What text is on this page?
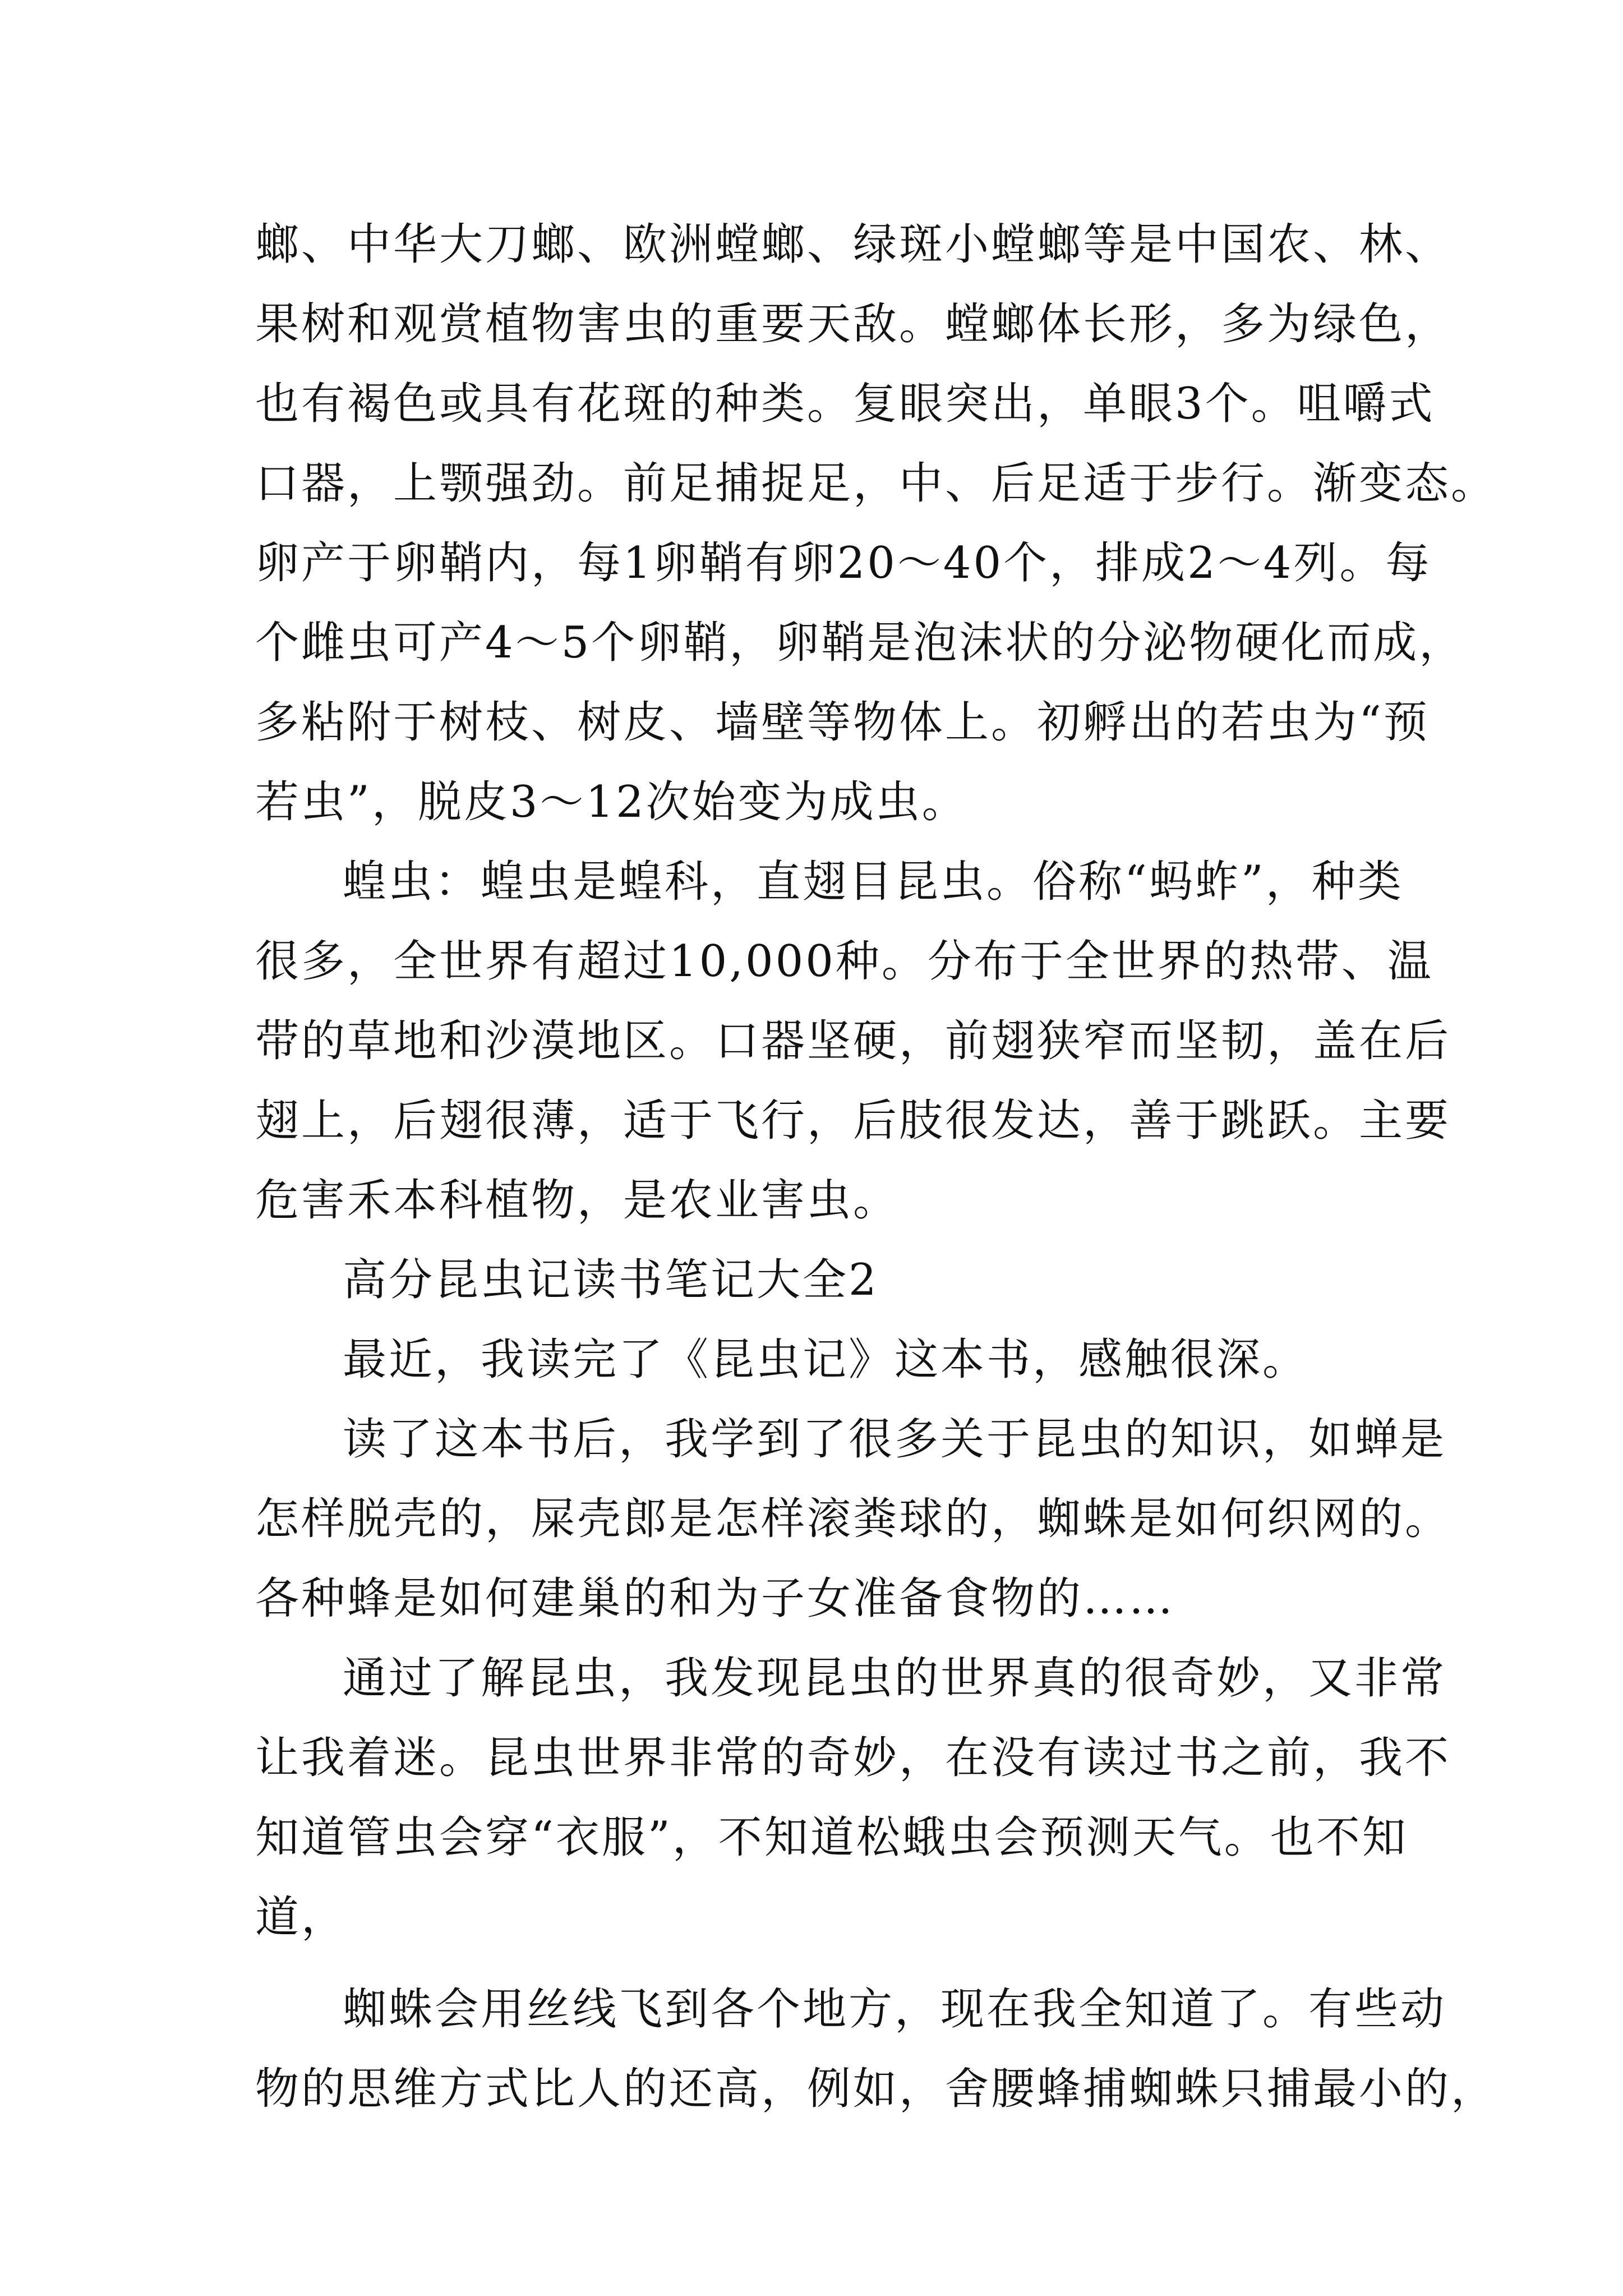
螂、中华大刀螂、欧洲螳螂、绿斑小螳螂等是中国农、林、
果树和观赏植物害虫的重要天敌。螳螂体长形，多为绿色，
也有褐色或具有花斑的种类。复眼突出，单眼3个。咀嚼式
口器，上颚强劲。前足捕捉足，中、后足适于步行。渐变态。
卵产于卵鞘内，每1卵鞘有卵20～40个，排成2～4列。每
个雌虫可产4～5个卵鞘，卵鞘是泡沫状的分泌物硬化而成，
多粘附于树枝、树皮、墙壁等物体上。初孵出的若虫为“预
若虫”，脱皮3～12次始变为成虫。
蝗虫：蝗虫是蝗科，直翅目昆虫。俗称“蚂蚱”，种类
很多，全世界有超过10,000种。分布于全世界的热带、温
带的草地和沙漠地区。口器坚硬，前翅狭窄而坚韧，盖在后
翅上，后翅很薄，适于飞行，后肢很发达，善于跳跃。主要
危害禾本科植物，是农业害虫。
高分昆虫记读书笔记大全2
最近，我读完了《昆虫记》这本书，感触很深。
读了这本书后，我学到了很多关于昆虫的知识，如蝉是
怎样脱壳的，屎壳郎是怎样滚粪球的，蜘蛛是如何织网的。
各种蜂是如何建巢的和为子女准备食物的……
通过了解昆虫，我发现昆虫的世界真的很奇妙，又非常
让我着迷。昆虫世界非常的奇妙，在没有读过书之前，我不
知道管虫会穿“衣服”，不知道松蛾虫会预测天气。也不知
道，
蜘蛛会用丝线飞到各个地方，现在我全知道了。有些动
物的思维方式比人的还高，例如，舍腰蜂捕蜘蛛只捕最小的，
